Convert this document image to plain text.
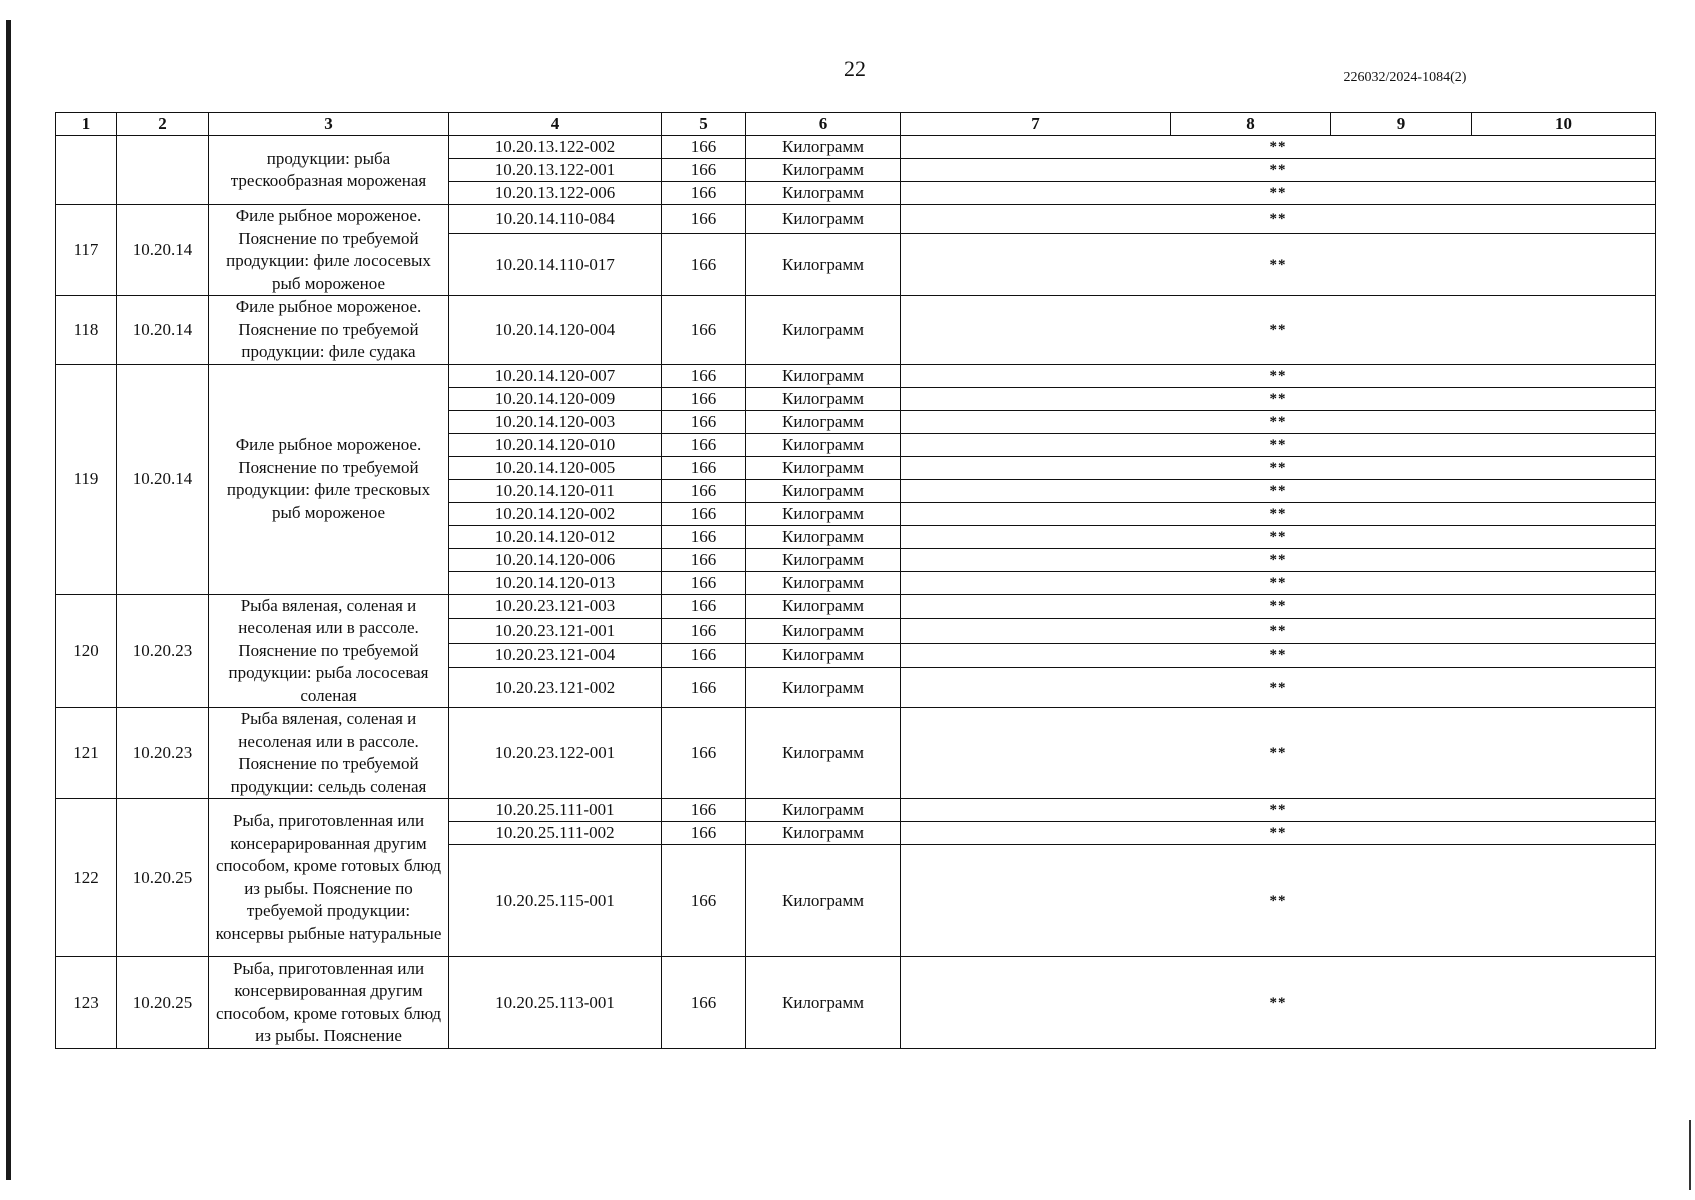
22	226032/2024-1084(2)
1	2	3	4	5	6	7	8	9	10
		продукции: рыба трескообразная мороженая	10.20.13.122-002	166	Килограмм	**			
			10.20.13.122-001	166	Килограмм	**			
			10.20.13.122-006	166	Килограмм	**			
117	10.20.14	Филе рыбное мороженое. Пояснение по требуемой продукции: филе лососевых рыб мороженое	10.20.14.110-084	166	Килограмм	**			
			10.20.14.110-017	166	Килограмм	**			
118	10.20.14	Филе рыбное мороженое. Пояснение по требуемой продукции: филе судака	10.20.14.120-004	166	Килограмм	**			
119	10.20.14	Филе рыбное мороженое. Пояснение по требуемой продукции: филе тресковых рыб мороженое	10.20.14.120-007	166	Килограмм	**			
			10.20.14.120-009	166	Килограмм	**			
			10.20.14.120-003	166	Килограмм	**			
			10.20.14.120-010	166	Килограмм	**			
			10.20.14.120-005	166	Килограмм	**			
			10.20.14.120-011	166	Килограмм	**			
			10.20.14.120-002	166	Килограмм	**			
			10.20.14.120-012	166	Килограмм	**			
			10.20.14.120-006	166	Килограмм	**			
			10.20.14.120-013	166	Килограмм	**			
120	10.20.23	Рыба вяленая, соленая и несоленая или в рассоле. Пояснение по требуемой продукции: рыба лососевая соленая	10.20.23.121-003	166	Килограмм	**			
			10.20.23.121-001	166	Килограмм	**			
			10.20.23.121-004	166	Килограмм	**			
			10.20.23.121-002	166	Килограмм	**			
121	10.20.23	Рыба вяленая, соленая и несоленая или в рассоле. Пояснение по требуемой продукции: сельдь соленая	10.20.23.122-001	166	Килограмм	**			
122	10.20.25	Рыба, приготовленная или консерарированная другим способом, кроме готовых блюд из рыбы. Пояснение по требуемой продукции: консервы рыбные натуральные	10.20.25.111-001	166	Килограмм	**			
			10.20.25.111-002	166	Килограмм	**			
			10.20.25.115-001	166	Килограмм	**			
123	10.20.25	Рыба, приготовленная или консервированная другим способом, кроме готовых блюд из рыбы. Пояснение	10.20.25.113-001	166	Килограмм	**			
